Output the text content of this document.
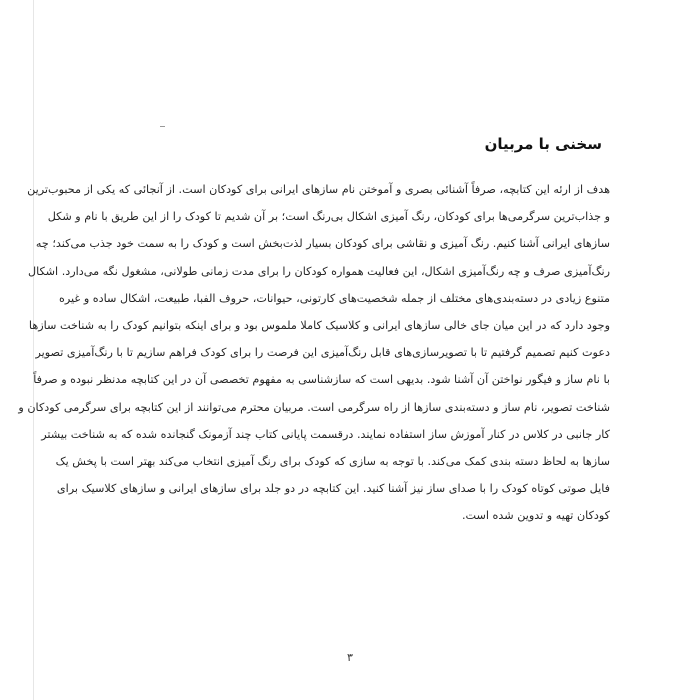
سخنی با مربیان
هدف از ارئه این کتابچه، صرفاً آشنائی بصری و آموختن نام سازهای ایرانی برای کودکان است. از آنجائی که یکی از محبوب‌ترین
و جذاب‌ترین سرگرمی‌ها برای کودکان، رنگ آمیزی اشکال بی‌رنگ است؛ بر آن شدیم تا کودک را از این طریق با نام و شکل
سازهای ایرانی آشنا کنیم. رنگ آمیزی و نقاشی برای کودکان بسیار لذت‌بخش است و کودک را به سمت خود جذب می‌کند؛ چه
رنگ‌آمیزی صرف و چه رنگ‌آمیزی اشکال، این فعالیت همواره کودکان را برای مدت زمانی طولانی، مشغول نگه می‌دارد. اشکال
متنوع زیادی در دسته‌بندی‌های مختلف از جمله شخصیت‌های کارتونی، حیوانات، حروف الفبا، طبیعت، اشکال ساده و غیره
وجود دارد که در این میان جای خالی سازهای ایرانی و کلاسیک کاملا ملموس بود و برای اینکه بتوانیم کودک را به شناخت سازها
دعوت کنیم تصمیم گرفتیم تا با تصویرسازی‌های قابل رنگ‌آمیزی این فرصت را برای کودک فراهم سازیم تا با رنگ‌آمیزی تصویر
با نام ساز و فیگور نواختن آن آشنا شود. بدیهی است که سازشناسی به مفهوم تخصصی آن در این کتابچه مدنظر نبوده و صرفاً
شناخت تصویر، نام ساز و دسته‌بندی سازها از راه سرگرمی است. مربیان محترم می‌توانند از این کتابچه برای سرگرمی کودکان و
کار جانبی در کلاس در کنار آموزش ساز استفاده نمایند. درقسمت پایانی کتاب چند آزمونک گنجانده شده که به شناخت بیشتر
سازها به لحاظ دسته بندی کمک می‌کند. با توجه به سازی که کودک برای رنگ آمیزی انتخاب می‌کند بهتر است با پخش یک
فایل صوتی کوتاه کودک را با صدای ساز نیز آشنا کنید. این کتابچه در دو جلد برای سازهای ایرانی و سازهای کلاسیک برای
کودکان تهیه و تدوین شده است.
۳
